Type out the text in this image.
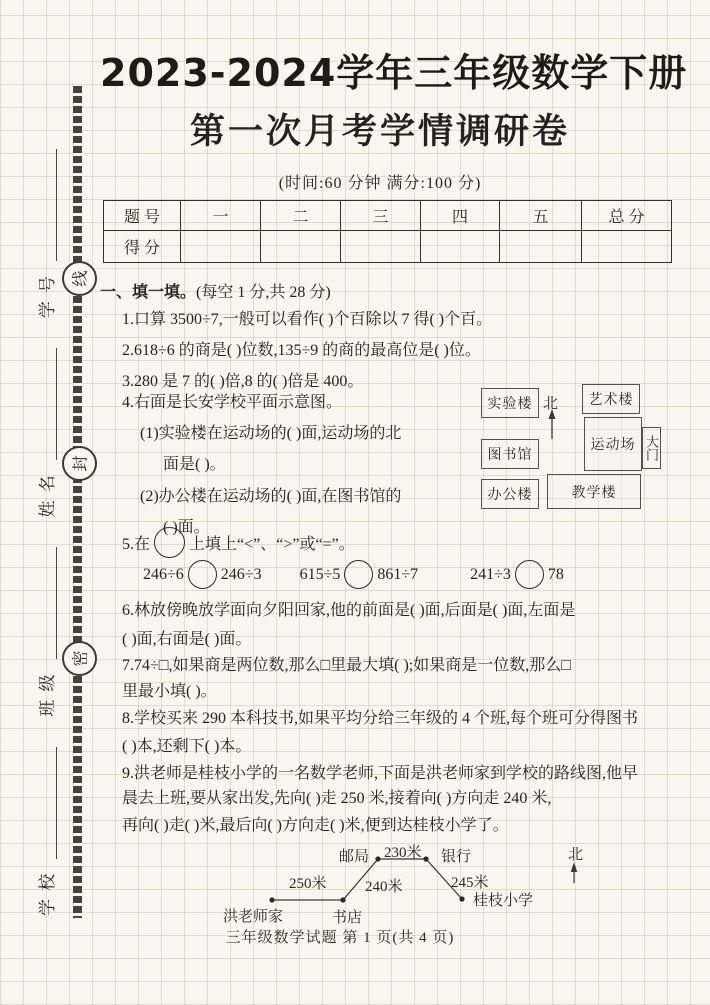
学 校
班 级
姓 名
学 号	线
封
密
2023-2024学年三年级数学下册
第一次月考学情调研卷
(时间:60 分钟 满分:100 分)
题 号	一	二	三	四	五	总 分
得 分						
一、填一填。(每空 1 分,共 28 分)
1.口算 3500÷7,一般可以看作( )个百除以 7 得( )个百。
2.618÷6 的商是( )位数,135÷9 的商的最高位是( )位。
3.280 是 7 的( )倍,8 的( )倍是 400。
4.右面是长安学校平面示意图。
(1)实验楼在运动场的( )面,运动场的北
面是( )。
(2)办公楼在运动场的( )面,在图书馆的
( )面。
北
实验楼	艺术楼
图书馆
运动场 大门
办公楼	教学楼
5.在 上填上“<”、“>”或“=”。
246÷6 246÷3 615÷5 861÷7	241÷3 78
6.林放傍晚放学面向夕阳回家,他的前面是( )面,后面是( )面,左面是
( )面,右面是( )面。
7.74÷□,如果商是两位数,那么□里最大填( );如果商是一位数,那么□
里最小填( )。
8.学校买来 290 本科技书,如果平均分给三年级的 4 个班,每个班可分得图书
( )本,还剩下( )本。
9.洪老师是桂枝小学的一名数学老师,下面是洪老师家到学校的路线图,他早
晨去上班,要从家出发,先向( )走 250 米,接着向( )方向走 240 米,
再向( )走( )米,最后向( )方向走( )米,便到达桂枝小学了。
北
洪老师家	书店
邮局	银行
桂枝小学
250米	240米
230米
245米
三年级数学试题 第 1 页(共 4 页)
